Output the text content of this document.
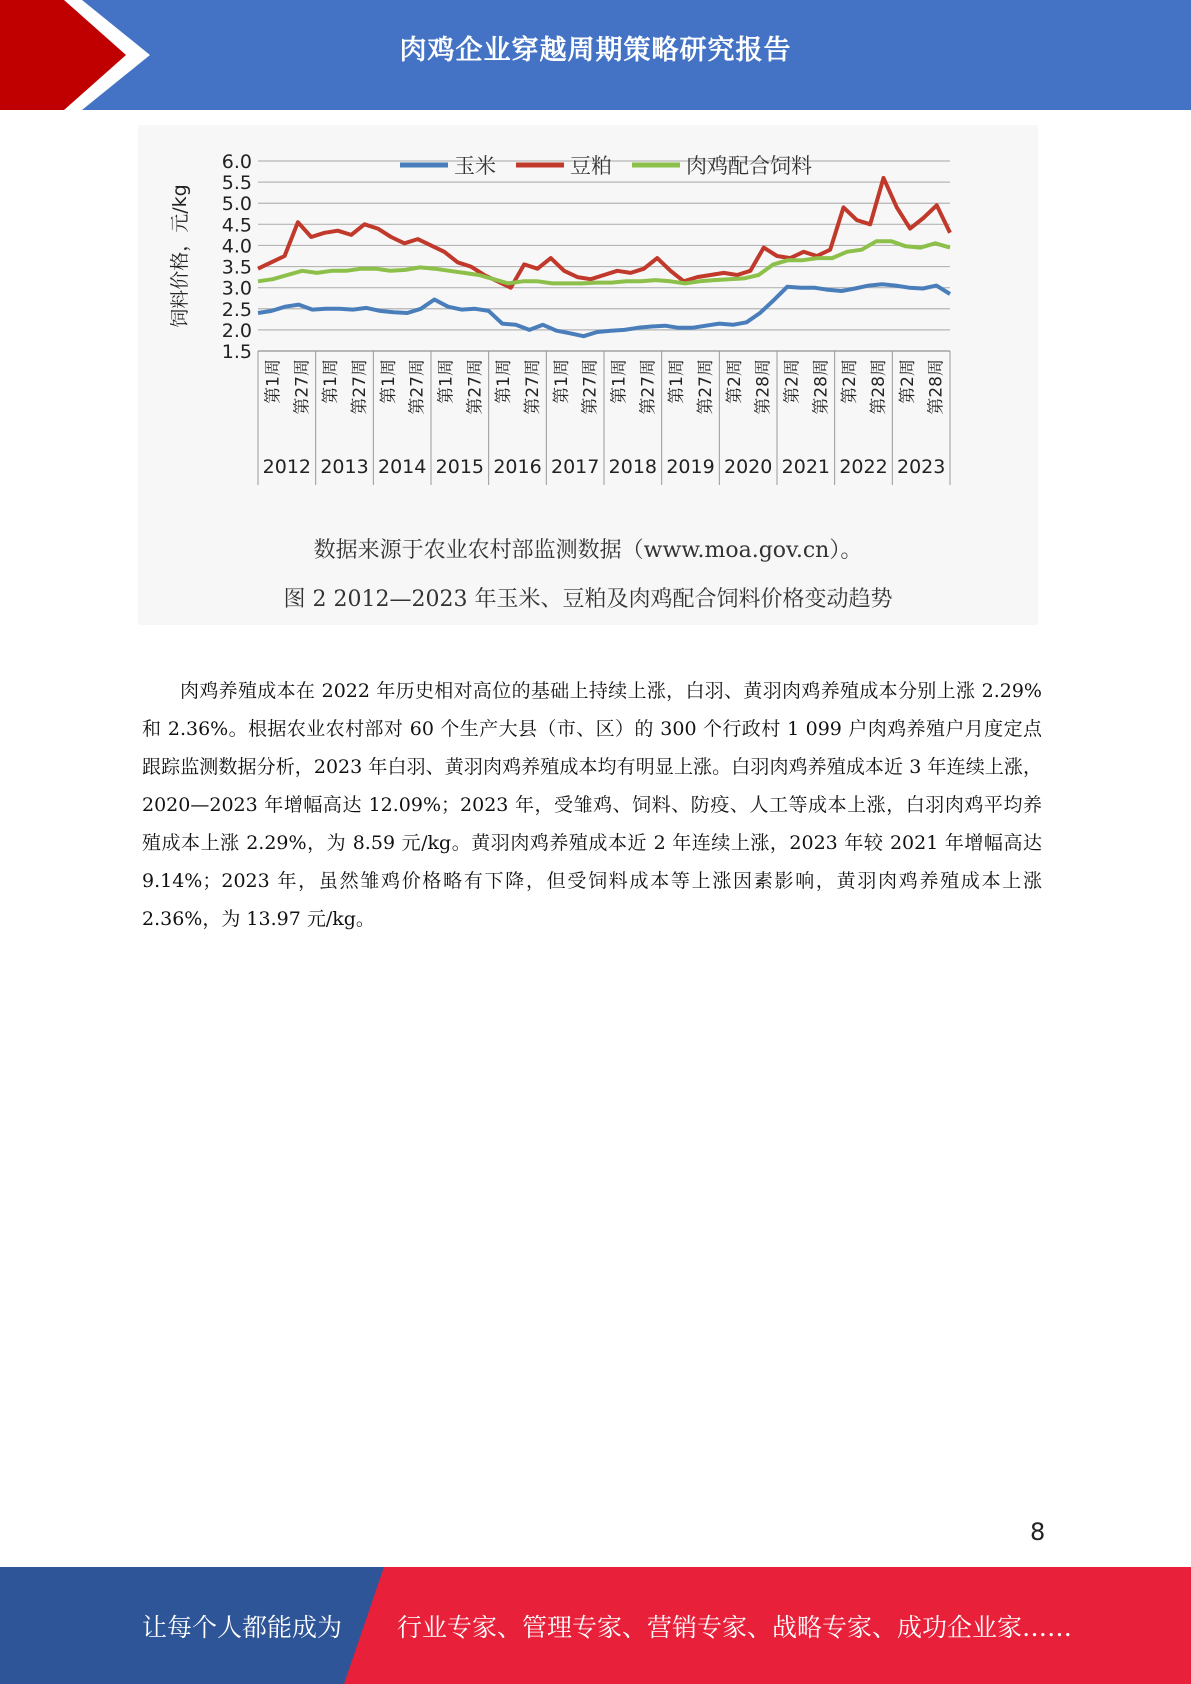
肉鸡企业穿越周期策略研究报告
6.0
5.5
5.0
4.5
4.0
3.5
3.0
2.5
2.0
1.5
饲料价格，元/kg
2012 2013 2014 2015 2016 2017 2018 2019 2020 2021 2022 2023
第1周 第27周 第1周 第27周 第1周 第27周 第1周 第27周 第1周 第27周 第1周 第27周 第1周 第27周 第1周 第27周 第2周 第28周 第2周 第28周 第2周 第28周 第2周 第28周
玉米	豆粕	肉鸡配合饲料
数据来源于农业农村部监测数据（www.moa.gov.cn）。
图 2 2012—2023 年玉米、豆粕及肉鸡配合饲料价格变动趋势

肉鸡养殖成本在 2022 年历史相对高位的基础上持续上涨，白羽、黄羽肉鸡养殖成本分别上涨 2.29%和 2.36%。根据农业农村部对 60 个生产大县（市、区）的 300 个行政村 1 099 户肉鸡养殖户月度定点跟踪监测数据分析，2023 年白羽、黄羽肉鸡养殖成本均有明显上涨。白羽肉鸡养殖成本近 3 年连续上涨，2020—2023 年增幅高达 12.09%；2023 年，受雏鸡、饲料、防疫、人工等成本上涨，白羽肉鸡平均养殖成本上涨 2.29%，为 8.59 元/kg。黄羽肉鸡养殖成本近 2 年连续上涨，2023 年较 2021 年增幅高达 9.14%；2023 年，虽然雏鸡价格略有下降，但受饲料成本等上涨因素影响，黄羽肉鸡养殖成本上涨 2.36%，为 13.97 元/kg。

8
让每个人都能成为 行业专家、管理专家、营销专家、战略专家、成功企业家……
